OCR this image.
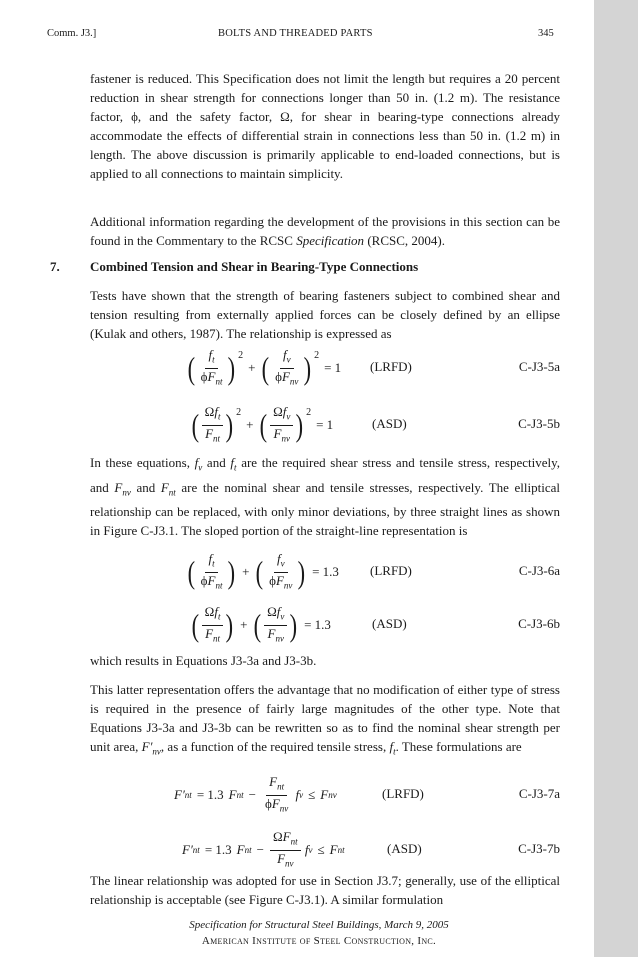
Comm. J3.]	BOLTS AND THREADED PARTS	345
fastener is reduced. This Specification does not limit the length but requires a 20 percent reduction in shear strength for connections longer than 50 in. (1.2 m). The resistance factor, ϕ, and the safety factor, Ω, for shear in bearing-type connections already accommodate the effects of differential strain in connections less than 50 in. (1.2 m) in length. The above discussion is primarily applicable to end-loaded connections, but is applied to all connections to maintain simplicity.
Additional information regarding the development of the provisions in this section can be found in the Commentary to the RCSC Specification (RCSC, 2004).
7. Combined Tension and Shear in Bearing-Type Connections
Tests have shown that the strength of bearing fasteners subject to combined shear and tension resulting from externally applied forces can be closely defined by an ellipse (Kulak and others, 1987). The relationship is expressed as
( $\frac{f_t}{\phi F_{nt}}$ ) 2
+ ( $\frac{f_v}{\phi F_{nv}}$ ) 2
= 1 (LRFD)	C-J3-5a
( $\frac{\Omega f_t}{F_{nt}}$ ) 2
+ ( $\frac{\Omega f_v}{F_{nv}}$ ) 2
= 1	(ASD)	C-J3-5b
In these equations, $f_v$ and $f_t$ are the required shear stress and tensile stress, respectively, and $F_{nv}$ and $F_{nt}$ are the nominal shear and tensile stresses, respectively. The elliptical relationship can be replaced, with only minor deviations, by three straight lines as shown in Figure C-J3.1. The sloped portion of the straight-line representation is
( $\frac{f_t}{\phi F_{nt}}$ ) + ( $\frac{f_v}{\phi F_{nv}}$ ) = 1.3 (LRFD)	C-J3-6a
( $\frac{\Omega f_t}{F_{nt}}$ ) + ( $\frac{\Omega f_v}{F_{nv}}$ ) = 1.3	(ASD)	C-J3-6b
which results in Equations J3-3a and J3-3b.
This latter representation offers the advantage that no modification of either type of stress is required in the presence of fairly large magnitudes of the other type. Note that Equations J3-3a and J3-3b can be rewritten so as to find the nominal shear strength per unit area, $F'_{nv}$, as a function of the required tensile stress, $f_t$. These formulations are
F′ nt = 1.3 F nt − $\frac{F_{nt}}{\phi F_{nv}}$ f v ≤ F nv	(LRFD)	C-J3-7a
F′ nt = 1.3 F nt − $\frac{\Omega F_{nt}}{F_{nv}}$ f v ≤ F nt	(ASD)	C-J3-7b
The linear relationship was adopted for use in Section J3.7; generally, use of the elliptical relationship is acceptable (see Figure C-J3.1). A similar formulation
Specification for Structural Steel Buildings, March 9, 2005
American Institute of Steel Construction, Inc.
